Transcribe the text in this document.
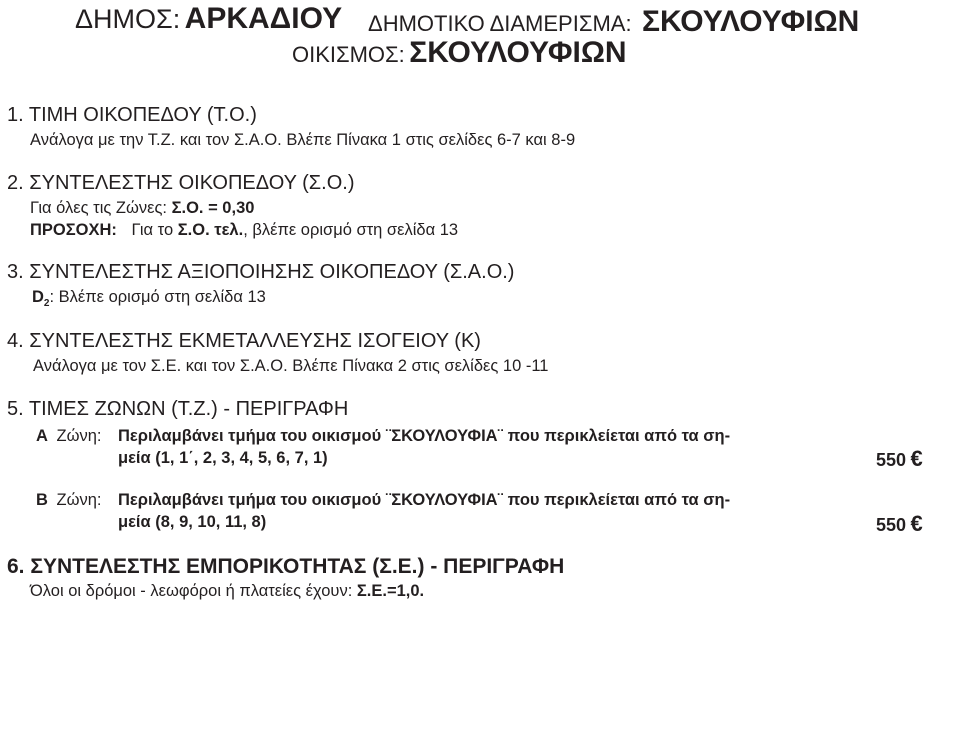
ΔΗΜΟΣ: ΑΡΚΑΔΙΟΥ ΔΗΜΟΤΙΚΟ ΔΙΑΜΕΡΙΣΜΑ: ΣΚΟΥΛΟΥΦΙΩΝ
ΟΙΚΙΣΜΟΣ: ΣΚΟΥΛΟΥΦΙΩΝ
1. ΤΙΜΗ ΟΙΚΟΠΕΔΟΥ (Τ.Ο.)
Ανάλογα με την Τ.Ζ. και τον Σ.Α.Ο. Βλέπε Πίνακα 1 στις σελίδες 6-7 και 8-9
2. ΣΥΝΤΕΛΕΣΤΗΣ ΟΙΚΟΠΕΔΟΥ (Σ.Ο.)
Για όλες τις Ζώνες: Σ.Ο. = 0,30
ΠΡΟΣΟΧΗ: Για το Σ.Ο. τελ., βλέπε ορισμό στη σελίδα 13
3. ΣΥΝΤΕΛΕΣΤΗΣ ΑΞΙΟΠΟΙΗΣΗΣ ΟΙΚΟΠΕΔΟΥ (Σ.Α.Ο.)
$D_2$: Βλέπε ορισμό στη σελίδα 13
4. ΣΥΝΤΕΛΕΣΤΗΣ ΕΚΜΕΤΑΛΛΕΥΣΗΣ ΙΣΟΓΕΙΟΥ (Κ)
Ανάλογα με τον Σ.Ε. και τον Σ.Α.Ο. Βλέπε Πίνακα 2 στις σελίδες 10 -11
5. ΤΙΜΕΣ ΖΩΝΩΝ (Τ.Ζ.) - ΠΕΡΙΓΡΑΦΗ
Α Ζώνη: Περιλαμβάνει τμήμα του οικισμού ¨ΣΚΟΥΛΟΥΦΙΑ¨ που περικλείεται από τα ση-
μεία (1, 1΄, 2, 3, 4, 5, 6, 7, 1)	550 €
Β Ζώνη: Περιλαμβάνει τμήμα του οικισμού ¨ΣΚΟΥΛΟΥΦΙΑ¨ που περικλείεται από τα ση-
μεία (8, 9, 10, 11, 8)	550 €
6. ΣΥΝΤΕΛΕΣΤΗΣ ΕΜΠΟΡΙΚΟΤΗΤΑΣ (Σ.Ε.) - ΠΕΡΙΓΡΑΦΗ
Όλοι οι δρόμοι - λεωφόροι ή πλατείες έχουν: Σ.Ε.=1,0.
